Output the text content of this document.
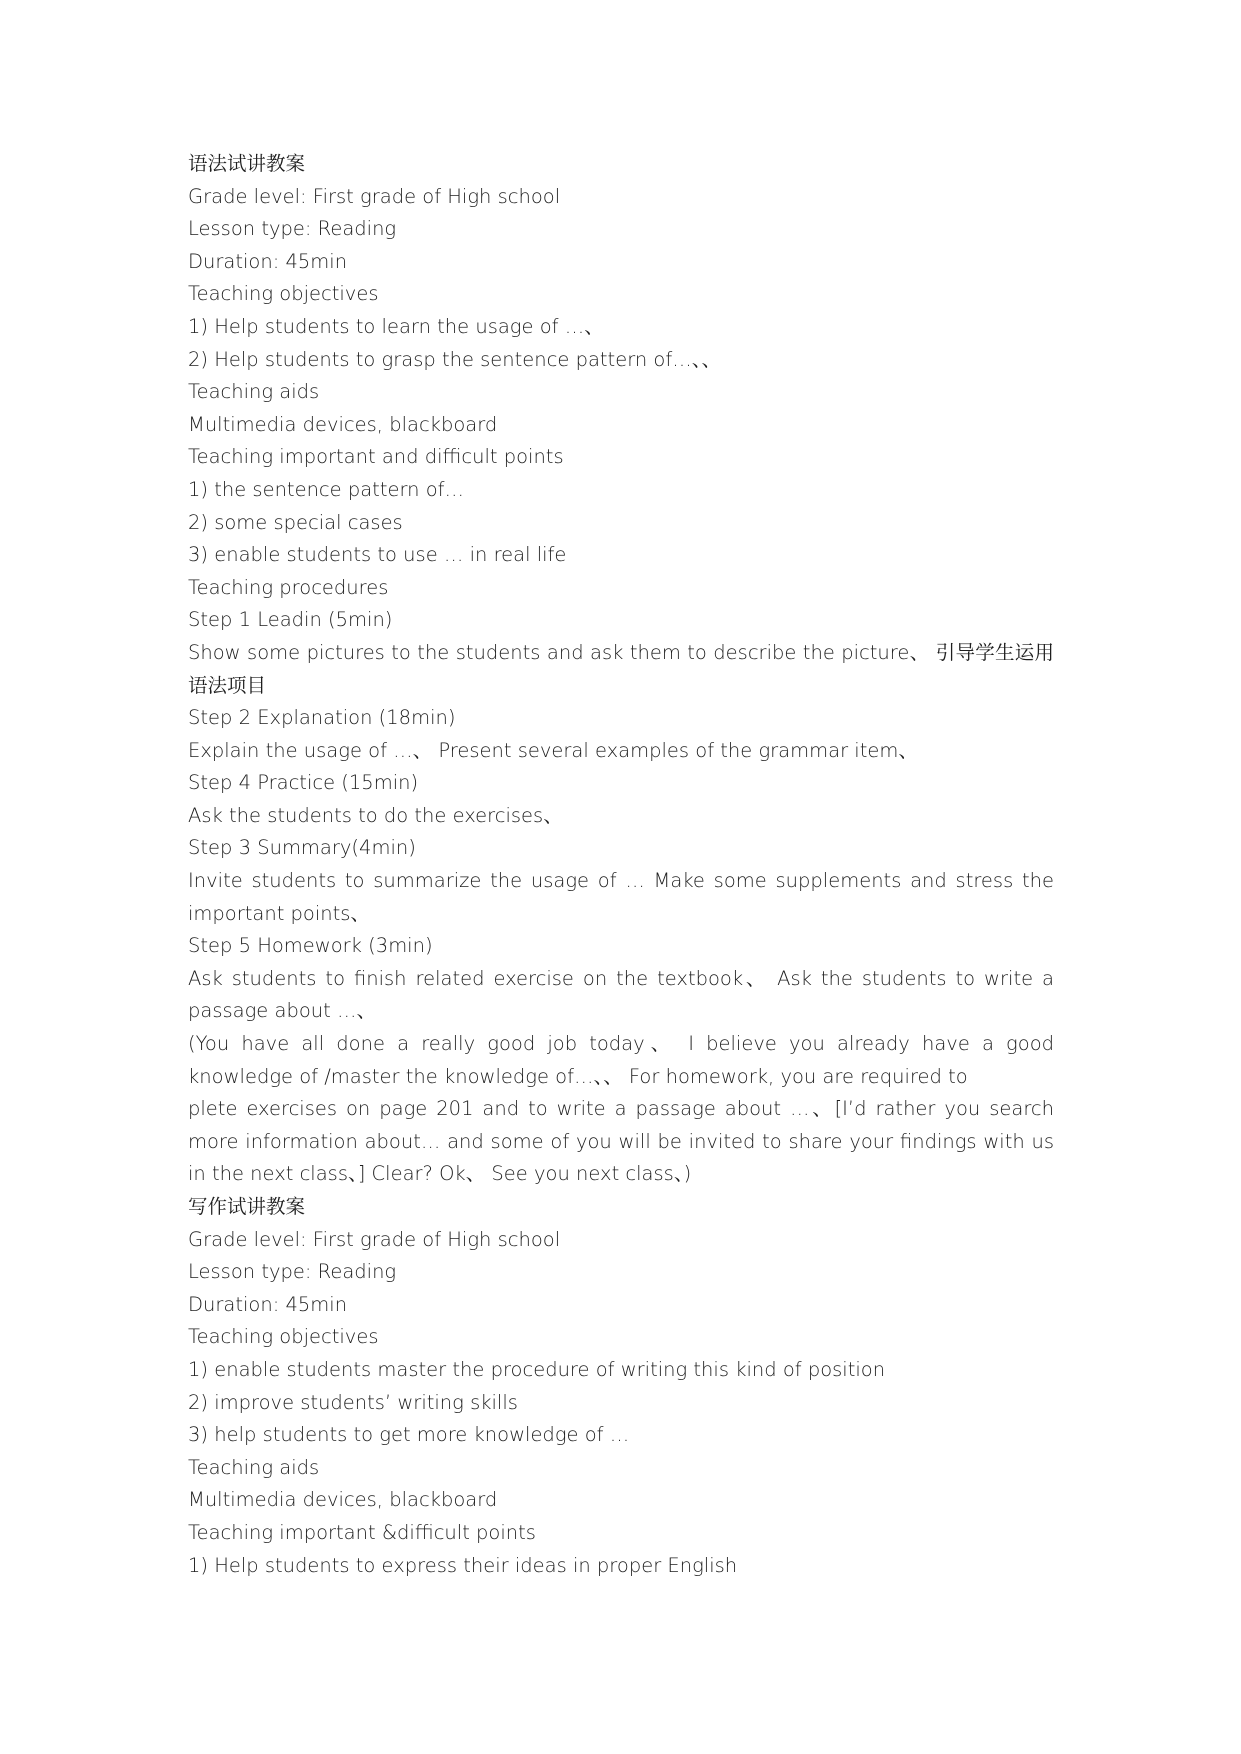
语法试讲教案
Grade level: First grade of High school
Lesson type: Reading
Duration: 45min
Teaching objectives
1) Help students to learn the usage of …、
2) Help students to grasp the sentence pattern of…、、
Teaching aids
Multimedia devices, blackboard
Teaching important and difficult points
1) the sentence pattern of…
2) some special cases
3) enable students to use … in real life
Teaching procedures
Step 1 Leadin (5min)
Show some pictures to the students and ask them to describe the picture、 引导学生运用语法项目
Step 2 Explanation (18min)
Explain the usage of …、 Present several examples of the grammar item、
Step 4 Practice (15min)
Ask the students to do the exercises、
Step 3 Summary(4min)
Invite students to summarize the usage of … Make some supplements and stress the important points、
Step 5 Homework (3min)
Ask students to finish related exercise on the textbook、 Ask the students to write a passage about …、
(You have all done a really good job today、 I believe you already have a good knowledge of /master the knowledge of…、、 For homework, you are required to
plete exercises on page 201 and to write a passage about …、[I’d rather you search more information about… and some of you will be invited to share your findings with us in the next class、] Clear? Ok、 See you next class、)
写作试讲教案
Grade level: First grade of High school
Lesson type: Reading
Duration: 45min
Teaching objectives
1) enable students master the procedure of writing this kind of position
2) improve students’ writing skills
3) help students to get more knowledge of …
Teaching aids
Multimedia devices, blackboard
Teaching important &difficult points
1) Help students to express their ideas in proper English
